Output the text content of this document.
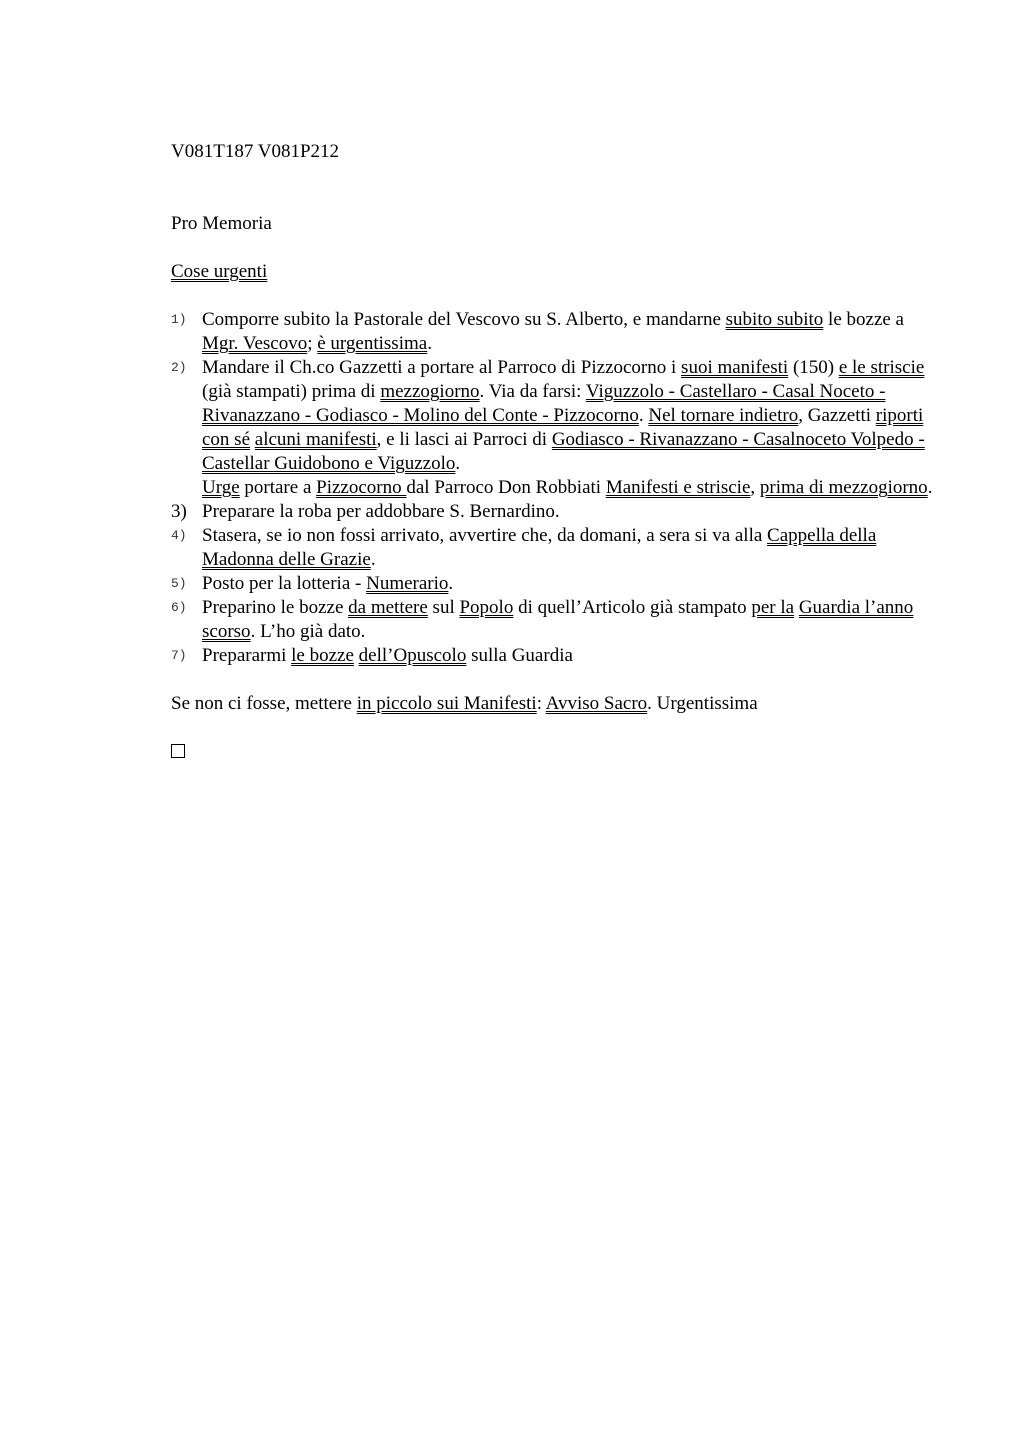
V081T187 V081P212
Pro Memoria
Cose urgenti
1) Comporre subito la Pastorale del Vescovo su S. Alberto, e mandarne subito subito le bozze a Mgr. Vescovo; è urgentissima.
2) Mandare il Ch.co Gazzetti a portare al Parroco di Pizzocorno i suoi manifesti (150) e le striscie (già stampati) prima di mezzogiorno. Via da farsi: Viguzzolo - Castellaro - Casal Noceto - Rivanazzano - Godiasco - Molino del Conte - Pizzocorno. Nel tornare indietro, Gazzetti riporti con sé alcuni manifesti, e li lasci ai Parroci di Godiasco - Rivanazzano - Casalnoceto Volpedo - Castellar Guidobono e Viguzzolo.
Urge portare a Pizzocorno dal Parroco Don Robbiati Manifesti e striscie, prima di mezzogiorno.
3) Preparare la roba per addobbare S. Bernardino.
4) Stasera, se io non fossi arrivato, avvertire che, da domani, a sera si va alla Cappella della Madonna delle Grazie.
5) Posto per la lotteria - Numerario.
6) Preparino le bozze da mettere sul Popolo di quell’Articolo già stampato per la Guardia l’anno scorso. L’ho già dato.
7) Prepararmi le bozze dell’Opuscolo sulla Guardia
Se non ci fosse, mettere in piccolo sui Manifesti: Avviso Sacro. Urgentissima
